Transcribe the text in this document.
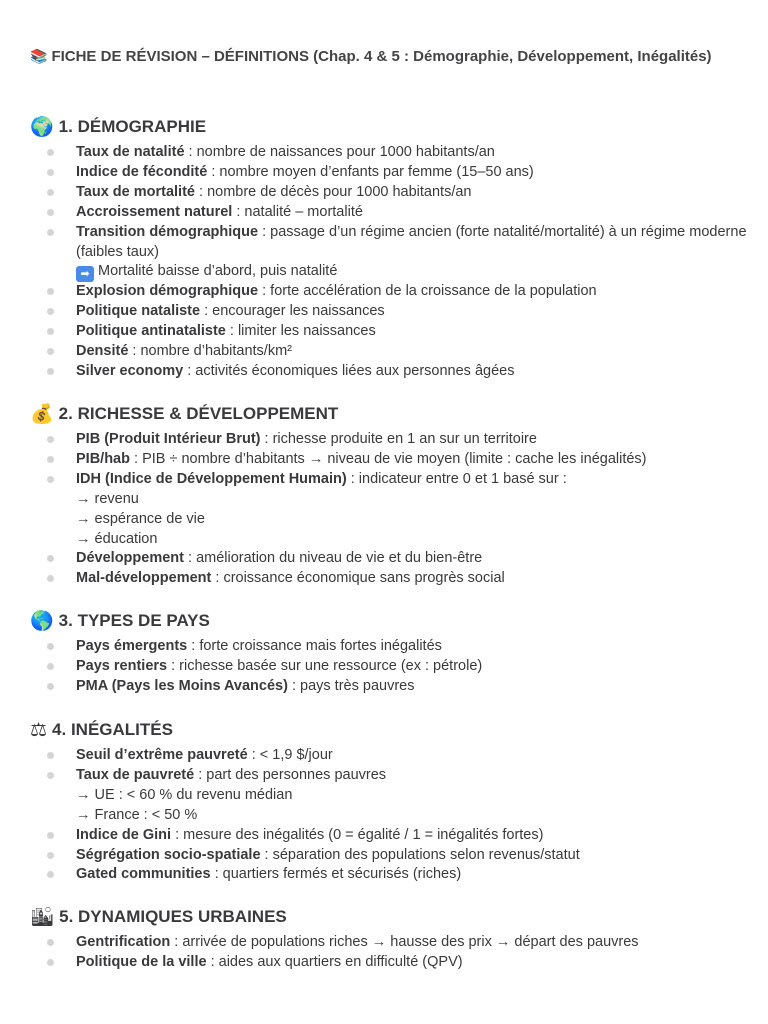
📚 FICHE DE RÉVISION – DÉFINITIONS (Chap. 4 & 5 : Démographie, Développement, Inégalités)

🌍 1. DÉMOGRAPHIE
Taux de natalité : nombre de naissances pour 1000 habitants/an
Indice de fécondité : nombre moyen d’enfants par femme (15–50 ans)
Taux de mortalité : nombre de décès pour 1000 habitants/an
Accroissement naturel : natalité – mortalité
Transition démographique : passage d’un régime ancien (forte natalité/mortalité) à un régime moderne (faibles taux)
➡ Mortalité baisse d’abord, puis natalité
Explosion démographique : forte accélération de la croissance de la population
Politique nataliste : encourager les naissances
Politique antinataliste : limiter les naissances
Densité : nombre d’habitants/km²
Silver economy : activités économiques liées aux personnes âgées
💰 2. RICHESSE & DÉVELOPPEMENT
PIB (Produit Intérieur Brut) : richesse produite en 1 an sur un territoire
PIB/hab : PIB ÷ nombre d’habitants → niveau de vie moyen (limite : cache les inégalités)
IDH (Indice de Développement Humain) : indicateur entre 0 et 1 basé sur :
→ revenu
→ espérance de vie
→ éducation
Développement : amélioration du niveau de vie et du bien-être
Mal-développement : croissance économique sans progrès social
🌎 3. TYPES DE PAYS
Pays émergents : forte croissance mais fortes inégalités
Pays rentiers : richesse basée sur une ressource (ex : pétrole)
PMA (Pays les Moins Avancés) : pays très pauvres
⚖ 4. INÉGALITÉS
Seuil d’extrême pauvreté : < 1,9 $/jour
Taux de pauvreté : part des personnes pauvres
→ UE : < 60 % du revenu médian
→ France : < 50 %
Indice de Gini : mesure des inégalités (0 = égalité / 1 = inégalités fortes)
Ségrégation socio-spatiale : séparation des populations selon revenus/statut
Gated communities : quartiers fermés et sécurisés (riches)
🏙 5. DYNAMIQUES URBAINES
Gentrification : arrivée de populations riches → hausse des prix → départ des pauvres
Politique de la ville : aides aux quartiers en difficulté (QPV)
